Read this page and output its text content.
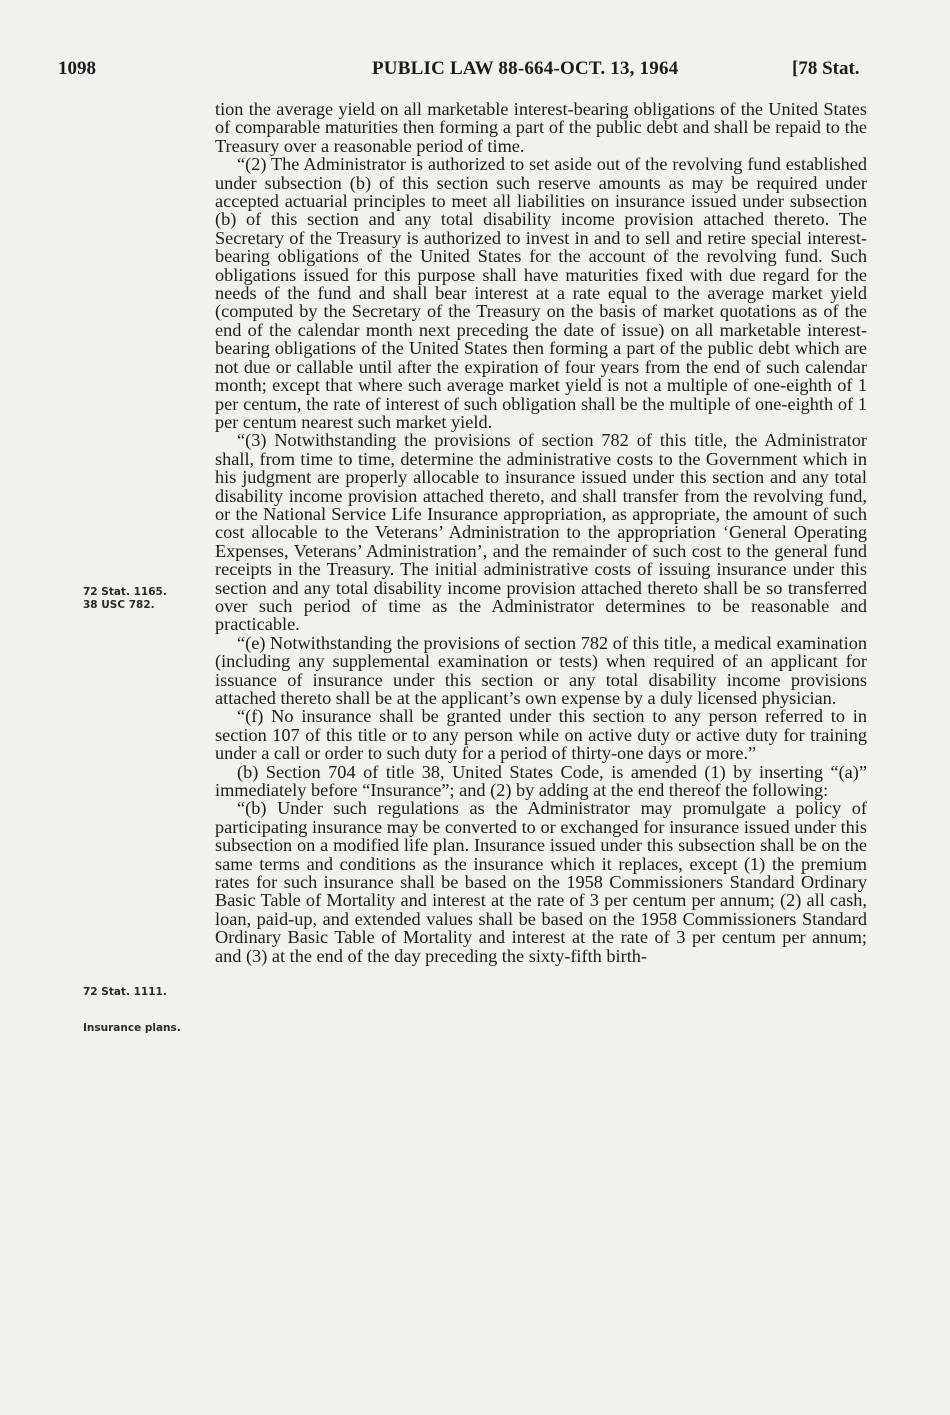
1098	PUBLIC LAW 88-664-OCT. 13, 1964	[78 Stat.
72 Stat. 1165.
38 USC 782.
72 Stat. 1111.
Insurance plans.

tion the average yield on all marketable interest-bearing obligations of the United States of comparable maturities then forming a part of the public debt and shall be repaid to the Treasury over a reasonable period of time.

“(2) The Administrator is authorized to set aside out of the revolving fund established under subsection (b) of this section such reserve amounts as may be required under accepted actuarial principles to meet all liabilities on insurance issued under subsection (b) of this section and any total disability income provision attached thereto. The Secretary of the Treasury is authorized to invest in and to sell and retire special interest-bearing obligations of the United States for the account of the revolving fund. Such obligations issued for this purpose shall have maturities fixed with due regard for the needs of the fund and shall bear interest at a rate equal to the average market yield (computed by the Secretary of the Treasury on the basis of market quotations as of the end of the calendar month next preceding the date of issue) on all marketable interest-bearing obligations of the United States then forming a part of the public debt which are not due or callable until after the expiration of four years from the end of such calendar month; except that where such average market yield is not a multiple of one-eighth of 1 per centum, the rate of interest of such obligation shall be the multiple of one-eighth of 1 per centum nearest such market yield.

“(3) Notwithstanding the provisions of section 782 of this title, the Administrator shall, from time to time, determine the administrative costs to the Government which in his judgment are properly allocable to insurance issued under this section and any total disability income provision attached thereto, and shall transfer from the revolving fund, or the National Service Life Insurance appropriation, as appropriate, the amount of such cost allocable to the Veterans’ Administration to the appropriation ‘General Operating Expenses, Veterans’ Administration’, and the remainder of such cost to the general fund receipts in the Treasury. The initial administrative costs of issuing insurance under this section and any total disability income provision attached thereto shall be so transferred over such period of time as the Administrator determines to be reasonable and practicable.

“(e) Notwithstanding the provisions of section 782 of this title, a medical examination (including any supplemental examination or tests) when required of an applicant for issuance of insurance under this section or any total disability income provisions attached thereto shall be at the applicant’s own expense by a duly licensed physician.

“(f) No insurance shall be granted under this section to any person referred to in section 107 of this title or to any person while on active duty or active duty for training under a call or order to such duty for a period of thirty-one days or more.”

(b) Section 704 of title 38, United States Code, is amended (1) by inserting “(a)” immediately before “Insurance”; and (2) by adding at the end thereof the following:

“(b) Under such regulations as the Administrator may promulgate a policy of participating insurance may be converted to or exchanged for insurance issued under this subsection on a modified life plan. Insurance issued under this subsection shall be on the same terms and conditions as the insurance which it replaces, except (1) the premium rates for such insurance shall be based on the 1958 Commissioners Standard Ordinary Basic Table of Mortality and interest at the rate of 3 per centum per annum; (2) all cash, loan, paid-up, and extended values shall be based on the 1958 Commissioners Standard Ordinary Basic Table of Mortality and interest at the rate of 3 per centum per annum; and (3) at the end of the day preceding the sixty-fifth birth-
